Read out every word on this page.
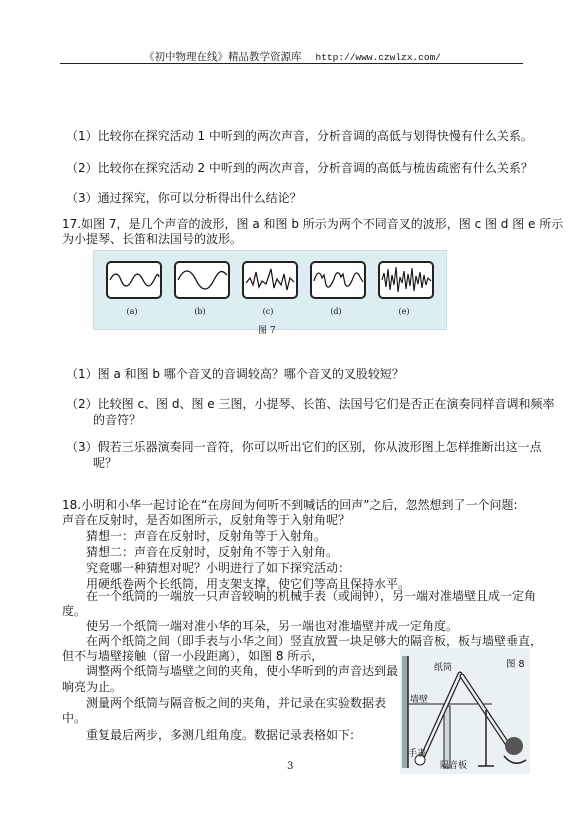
《初中物理在线》精品教学资源库 http://www.czwlzx.com/
（1）比较你在探究活动 1 中听到的两次声音，分析音调的高低与划得快慢有什么关系。
（2）比较你在探究活动 2 中听到的两次声音，分析音调的高低与梳齿疏密有什么关系？
（3）通过探究，你可以分析得出什么结论？
17.如图 7，是几个声音的波形，图 a 和图 b 所示为两个不同音叉的波形，图 c 图 d 图 e 所示
为小提琴、长笛和法国号的波形。
(a)	(b)	(c)	(d)	(e)
图 7
（1）图 a 和图 b 哪个音叉的音调较高？哪个音叉的叉股较短？
（2）比较图 c、图 d、图 e 三图，小提琴、长笛、法国号它们是否正在演奏同样音调和频率
的音符？
（3）假若三乐器演奏同一音符，你可以听出它们的区别，你从波形图上怎样推断出这一点
呢？
18.小明和小华一起讨论在“在房间为何听不到喊话的回声”之后，忽然想到了一个问题:
声音在反射时，是否如图所示，反射角等于入射角呢？
猜想一：声音在反射时，反射角等于入射角。
猜想二：声音在反射时，反射角不等于入射角。
究竟哪一种猜想对呢？小明进行了如下探究活动：
用硬纸卷两个长纸筒，用支架支撑，使它们等高且保持水平。
在一个纸筒的一端放一只声音较响的机械手表（或闹钟），另一端对准墙壁且成一定角
度。
使另一个纸筒一端对准小华的耳朵，另一端也对准墙壁并成一定角度。
在两个纸筒之间（即手表与小华之间）竖直放置一块足够大的隔音板，板与墙壁垂直，
但不与墙壁接触（留一小段距离），如图 8 所示，
调整两个纸筒与墙壁之间的夹角，使小华听到的声音达到最
响亮为止。
测量两个纸筒与隔音板之间的夹角，并记录在实验数据表
中。
重复最后两步，多测几组角度。数据记录表格如下:
纸筒
墙壁
手表
隔音板
图 8
3
